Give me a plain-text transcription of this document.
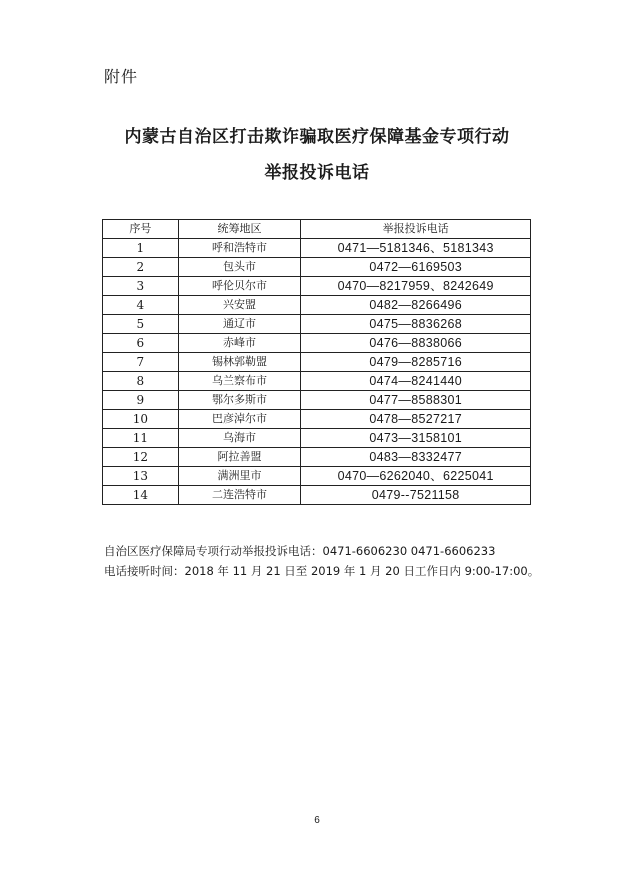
附件
内蒙古自治区打击欺诈骗取医疗保障基金专项行动
举报投诉电话
序号	统筹地区	举报投诉电话
1	呼和浩特市	0471—5181346、5181343
2	包头市	0472—6169503
3	呼伦贝尔市	0470—8217959、8242649
4	兴安盟	0482—8266496
5	通辽市	0475—8836268
6	赤峰市	0476—8838066
7	锡林郭勒盟	0479—8285716
8	乌兰察布市	0474—8241440
9	鄂尔多斯市	0477—8588301
10	巴彦淖尔市	0478—8527217
11	乌海市	0473—3158101
12	阿拉善盟	0483—8332477
13	满洲里市	0470—6262040、6225041
14	二连浩特市	0479--7521158
自治区医疗保障局专项行动举报投诉电话：0471-6606230 0471-6606233
电话接听时间：2018 年 11 月 21 日至 2019 年 1 月 20 日工作日内 9:00-17:00。
6
